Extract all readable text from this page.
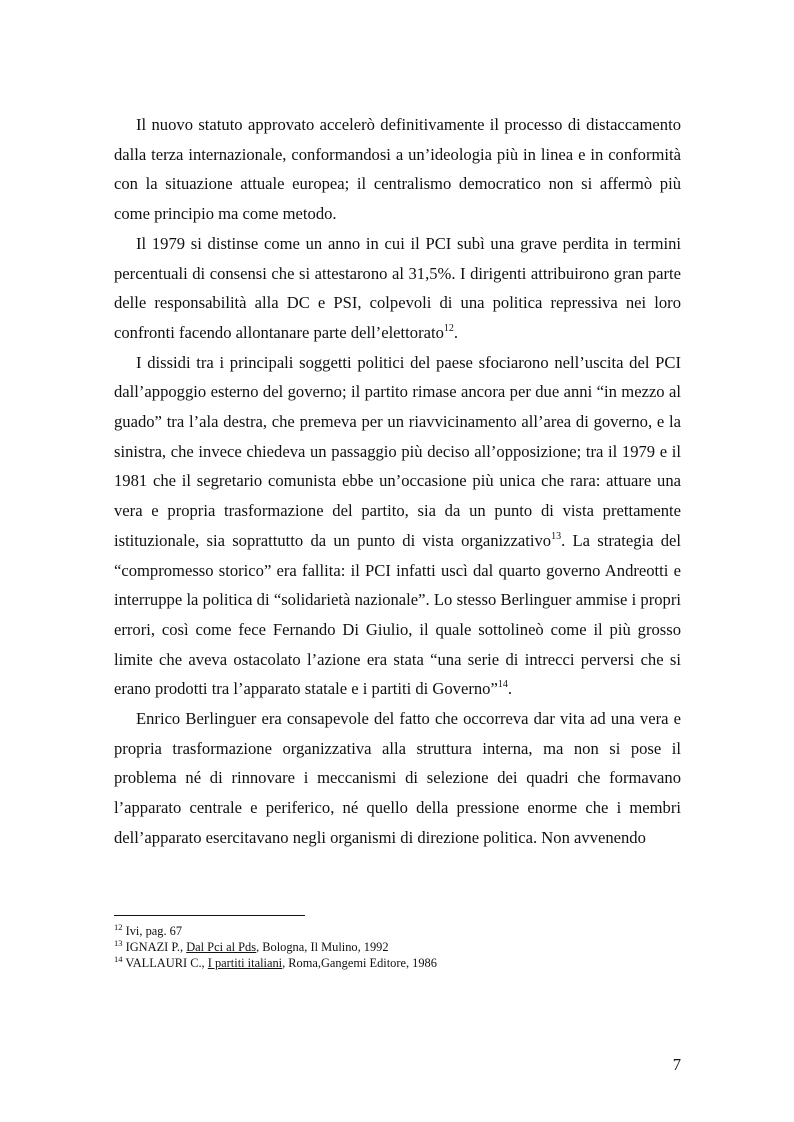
Il nuovo statuto approvato accelerò definitivamente il processo di distaccamento dalla terza internazionale, conformandosi a un’ideologia più in linea e in conformità con la situazione attuale europea; il centralismo democratico non si affermò più come principio ma come metodo.

Il 1979 si distinse come un anno in cui il PCI subì una grave perdita in termini percentuali di consensi che si attestarono al 31,5%. I dirigenti attribuirono gran parte delle responsabilità alla DC e PSI, colpevoli di una politica repressiva nei loro confronti facendo allontanare parte dell’elettorato$^{12}$.

I dissidi tra i principali soggetti politici del paese sfociarono nell’uscita del PCI dall’appoggio esterno del governo; il partito rimase ancora per due anni “in mezzo al guado” tra l’ala destra, che premeva per un riavvicinamento all’area di governo, e la sinistra, che invece chiedeva un passaggio più deciso all’opposizione; tra il 1979 e il 1981 che il segretario comunista ebbe un’occasione più unica che rara: attuare una vera e propria trasformazione del partito, sia da un punto di vista prettamente istituzionale, sia soprattutto da un punto di vista organizzativo$^{13}$. La strategia del “compromesso storico” era fallita: il PCI infatti uscì dal quarto governo Andreotti e interruppe la politica di “solidarietà nazionale”. Lo stesso Berlinguer ammise i propri errori, così come fece Fernando Di Giulio, il quale sottolineò come il più grosso limite che aveva ostacolato l’azione era stata “una serie di intrecci perversi che si erano prodotti tra l’apparato statale e i partiti di Governo”$^{14}$.

Enrico Berlinguer era consapevole del fatto che occorreva dar vita ad una vera e propria trasformazione organizzativa alla struttura interna, ma non si pose il problema né di rinnovare i meccanismi di selezione dei quadri che formavano l’apparato centrale e periferico, né quello della pressione enorme che i membri dell’apparato esercitavano negli organismi di direzione politica. Non avvenendo

$^{12}$ Ivi, pag. 67
$^{13}$ IGNAZI P., Dal Pci al Pds, Bologna, Il Mulino, 1992
$^{14}$ VALLAURI C., I partiti italiani, Roma,Gangemi Editore, 1986
7
